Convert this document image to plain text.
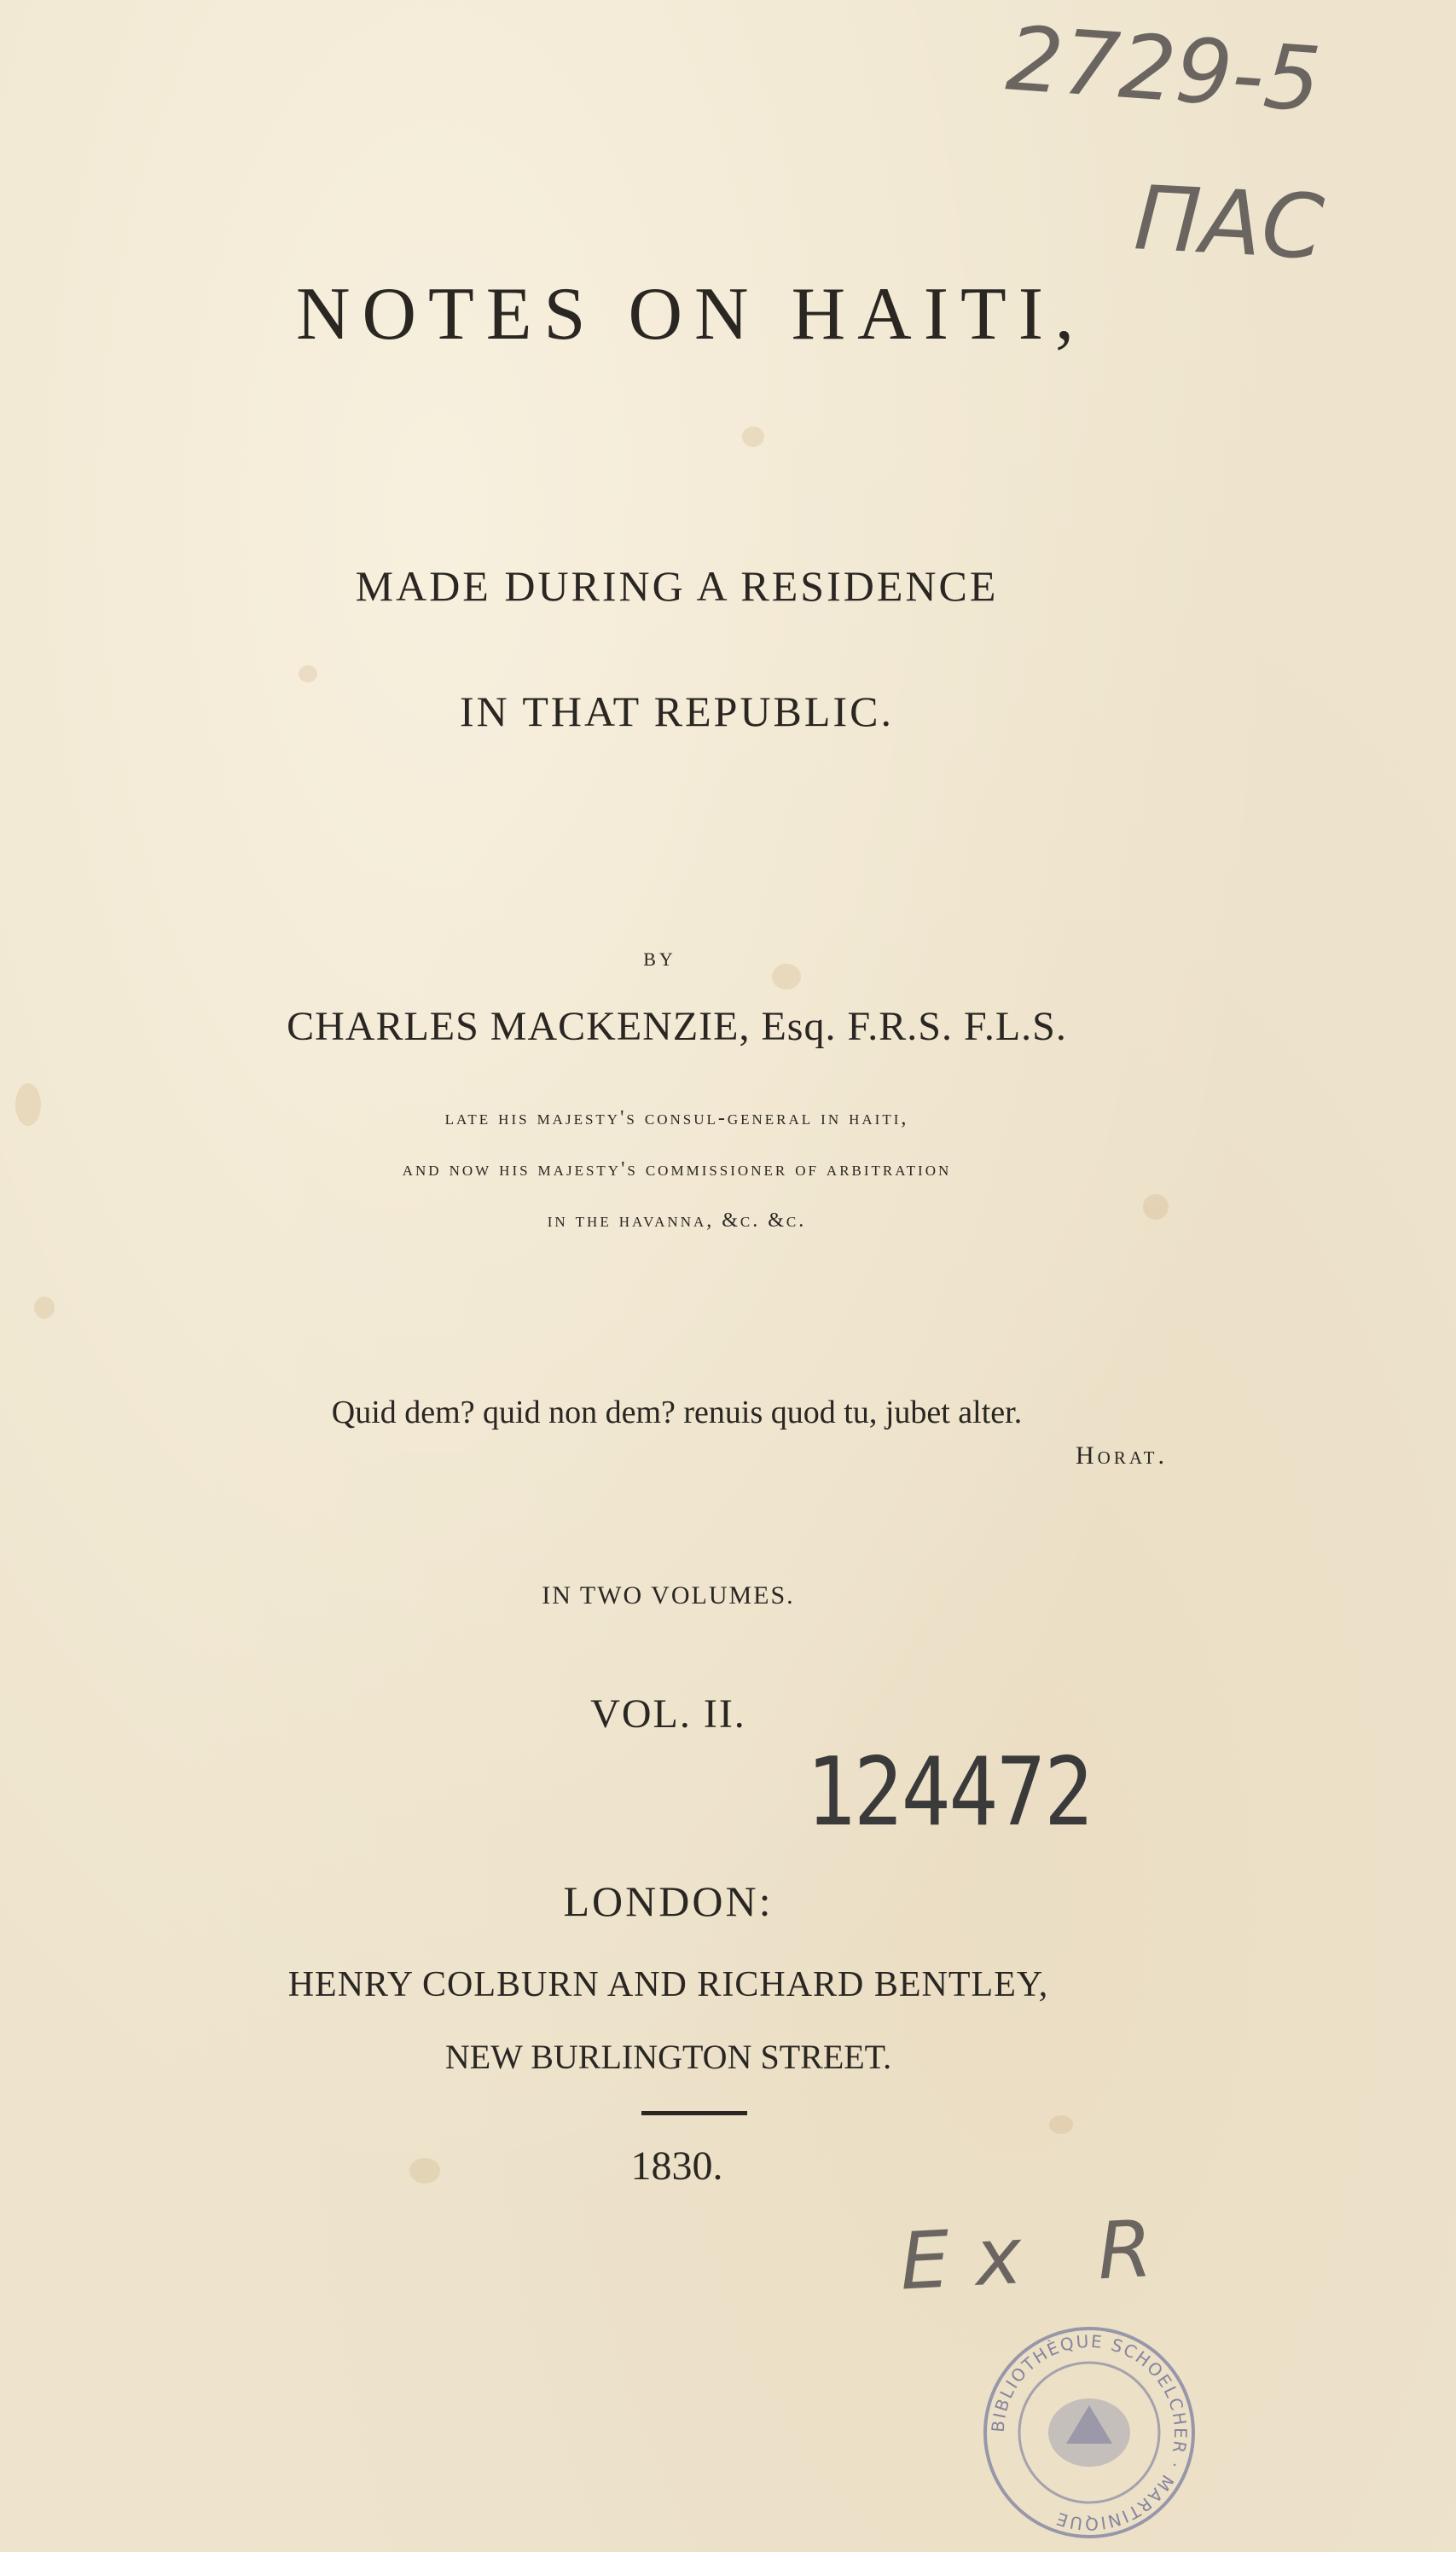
2729-5
ПАС
NOTES ON HAITI,
MADE DURING A RESIDENCE
IN THAT REPUBLIC.
BY
CHARLES MACKENZIE, Esq. F.R.S. F.L.S.
late his majesty's consul-general in haiti,
and now his majesty's commissioner of arbitration
in the havanna, &c. &c.
Quid dem? quid non dem? renuis quod tu, jubet alter.
Horat.
IN TWO VOLUMES.
VOL. II.
124472
LONDON:
HENRY COLBURN AND RICHARD BENTLEY,
NEW BURLINGTON STREET.
1830.
Ex R
BIBLIOTHÈQUE SCHOELCHER · MARTINIQUE
